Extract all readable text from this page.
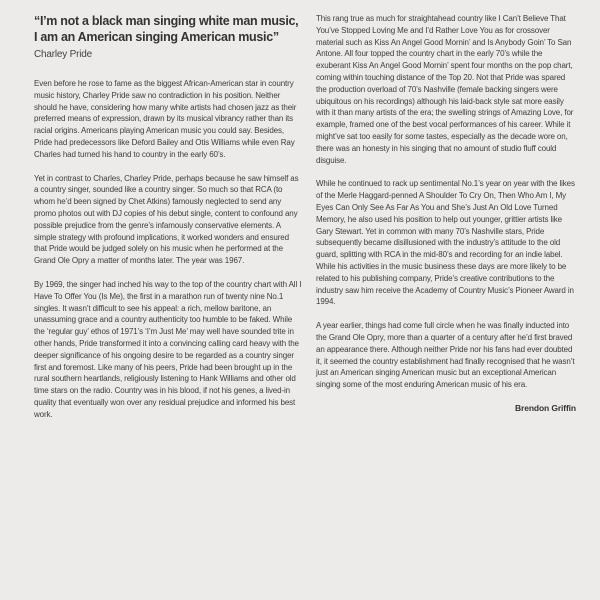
“I’m not a black man singing white man music, I am an American singing American music” Charley Pride

Even before he rose to fame as the biggest African-American star in country music history, Charley Pride saw no contradiction in his position. Neither should he have, considering how many white artists had chosen jazz as their preferred means of expression, drawn by its musical vibrancy rather than its racial origins. Americans playing American music you could say. Besides, Pride had predecessors like Deford Bailey and Otis Williams while even Ray Charles had turned his hand to country in the early 60’s.

Yet in contrast to Charles, Charley Pride, perhaps because he saw himself as a country singer, sounded like a country singer. So much so that RCA (to whom he’d been signed by Chet Atkins) famously neglected to send any promo photos out with DJ copies of his debut single, content to confound any possible prejudice from the genre’s infamously conservative elements. A simple strategy with profound implications, it worked wonders and ensured that Pride would be judged solely on his music when he performed at the Grand Ole Opry a matter of months later. The year was 1967.

By 1969, the singer had inched his way to the top of the country chart with All I Have To Offer You (Is Me), the first in a marathon run of twenty nine No.1 singles. It wasn’t difficult to see his appeal: a rich, mellow baritone, an unassuming grace and a country authenticity too humble to be faked. While the ‘regular guy’ ethos of 1971’s ‘I’m Just Me’ may well have sounded trite in other hands, Pride transformed it into a convincing calling card heavy with the deeper significance of his ongoing desire to be regarded as a country singer first and foremost. Like many of his peers, Pride had been brought up in the rural southern heartlands, religiously listening to Hank Williams and other old time stars on the radio. Country was in his blood, if not his genes, a lived-in quality that eventually won over any residual prejudice and informed his best work.

This rang true as much for straightahead country like I Can’t Believe That You’ve Stopped Loving Me and I’d Rather Love You as for crossover material such as Kiss An Angel Good Mornin’ and Is Anybody Goin’ To San Antone. All four topped the country chart in the early 70’s while the exuberant Kiss An Angel Good Mornin’ spent four months on the pop chart, coming within touching distance of the Top 20. Not that Pride was spared the production overload of 70’s Nashville (female backing singers were ubiquitous on his recordings) although his laid-back style sat more easily with it than many artists of the era; the swelling strings of Amazing Love, for example, framed one of the best vocal performances of his career. While it might’ve sat too easily for some tastes, especially as the decade wore on, there was an honesty in his singing that no amount of studio fluff could disguise.

While he continued to rack up sentimental No.1’s year on year with the likes of the Merle Haggard-penned A Shoulder To Cry On, Then Who Am I, My Eyes Can Only See As Far As You and She’s Just An Old Love Turned Memory, he also used his position to help out younger, grittier artists like Gary Stewart. Yet in common with many 70’s Nashville stars, Pride subsequently became disillusioned with the industry’s attitude to the old guard, splitting with RCA in the mid-80’s and recording for an indie label. While his activities in the music business these days are more likely to be related to his publishing company, Pride’s creative contributions to the industry saw him receive the Academy of Country Music’s Pioneer Award in 1994.

A year earlier, things had come full circle when he was finally inducted into the Grand Ole Opry, more than a quarter of a century after he’d first braved an appearance there. Although neither Pride nor his fans had ever doubted it, it seemed the country establishment had finally recognised that he wasn’t just an American singing American music but an exceptional American singing some of the most enduring American music of his era.

Brendon Griffin
